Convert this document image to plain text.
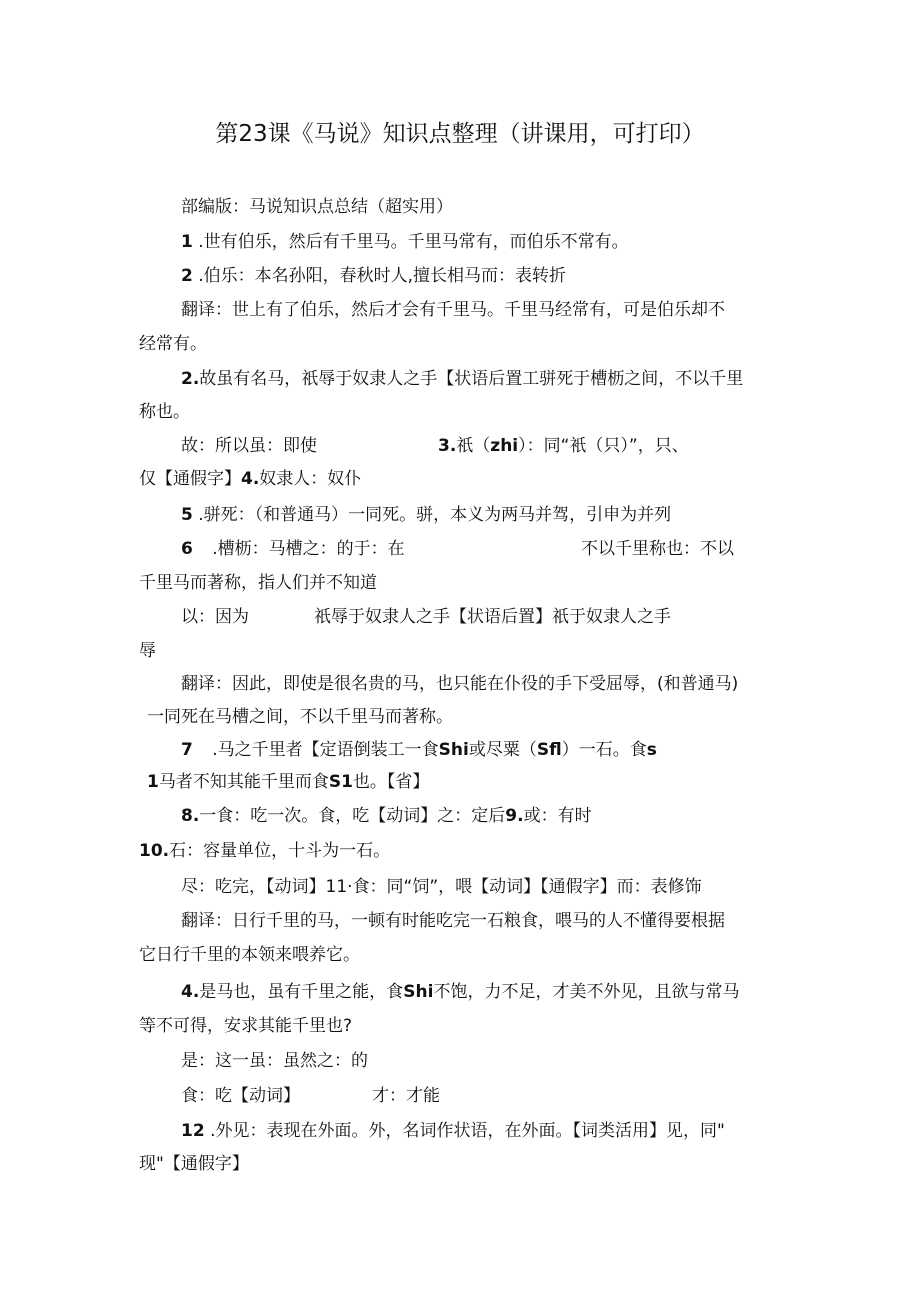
第23课《马说》知识点整理（讲课用，可打印）
部编版：马说知识点总结（超实用）
1 .世有伯乐，然后有千里马。千里马常有，而伯乐不常有。
2 .伯乐：本名孙阳，春秋时人,擅长相马而：表转折
翻译：世上有了伯乐，然后才会有千里马。千里马经常有，可是伯乐却不
经常有。
2.故虽有名马，祇辱于奴隶人之手【状语后置工骈死于槽枥之间，不以千里
称也。
故：所以虽：即使	3.祇（zhi）：同“衹（只）”，只、
仅【通假字】4.奴隶人：奴仆
5 .骈死：（和普通马）一同死。骈，本义为两马并驾，引申为并列
6 .槽枥：马槽之：的于：在	不以千里称也：不以
千里马而著称，指人们并不知道
以：因为	祇辱于奴隶人之手【状语后置】祇于奴隶人之手
辱
翻译：因此，即使是很名贵的马，也只能在仆役的手下受屈辱，(和普通马)
一同死在马槽之间，不以千里马而著称。
7 .马之千里者【定语倒装工一食Shi或尽粟（Sfl）一石。食s
1马者不知其能千里而食S1也。【省】
8.一食：吃一次。食，吃【动词】之：定后9.或：有时
10.石：容量单位，十斗为一石。
尽：吃完，【动词】11·食：同“饲”，喂【动词】【通假字】而：表修饰
翻译：日行千里的马，一顿有时能吃完一石粮食，喂马的人不懂得要根据
它日行千里的本领来喂养它。
4.是马也，虽有千里之能，食Shi不饱，力不足，才美不外见，且欲与常马
等不可得，安求其能千里也?
是：这一虽：虽然之：的
食：吃【动词】	才：才能
12 .外见：表现在外面。外，名词作状语，在外面。【词类活用】见，同"
现"【通假字】
